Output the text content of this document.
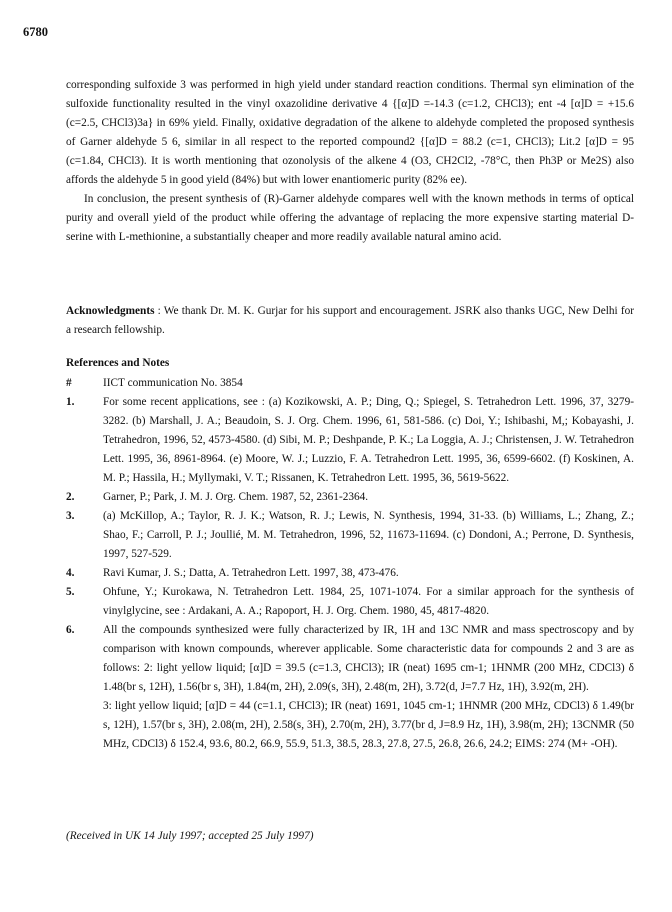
6780

corresponding sulfoxide 3 was performed in high yield under standard reaction conditions. Thermal syn elimination of the sulfoxide functionality resulted in the vinyl oxazolidine derivative 4 {[α]D =-14.3 (c=1.2, CHCl3); ent -4 [α]D = +15.6 (c=2.5, CHCl3)3a} in 69% yield. Finally, oxidative degradation of the alkene to aldehyde completed the proposed synthesis of Garner aldehyde 5 6, similar in all respect to the reported compound2 {[α]D = 88.2 (c=1, CHCl3); Lit.2 [α]D = 95 (c=1.84, CHCl3). It is worth mentioning that ozonolysis of the alkene 4 (O3, CH2Cl2, -78°C, then Ph3P or Me2S) also affords the aldehyde 5 in good yield (84%) but with lower enantiomeric purity (82% ee).

In conclusion, the present synthesis of (R)-Garner aldehyde compares well with the known methods in terms of optical purity and overall yield of the product while offering the advantage of replacing the more expensive starting material D-serine with L-methionine, a substantially cheaper and more readily available natural amino acid.

Acknowledgments : We thank Dr. M. K. Gurjar for his support and encouragement. JSRK also thanks UGC, New Delhi for a research fellowship.
References and Notes
#	IICT communication No. 3854
1.	For some recent applications, see : (a) Kozikowski, A. P.; Ding, Q.; Spiegel, S. Tetrahedron Lett. 1996, 37, 3279-3282. (b) Marshall, J. A.; Beaudoin, S. J. Org. Chem. 1996, 61, 581-586. (c) Doi, Y.; Ishibashi, M,; Kobayashi, J. Tetrahedron, 1996, 52, 4573-4580. (d) Sibi, M. P.; Deshpande, P. K.; La Loggia, A. J.; Christensen, J. W. Tetrahedron Lett. 1995, 36, 8961-8964. (e) Moore, W. J.; Luzzio, F. A. Tetrahedron Lett. 1995, 36, 6599-6602. (f) Koskinen, A. M. P.; Hassila, H.; Myllymaki, V. T.; Rissanen, K. Tetrahedron Lett. 1995, 36, 5619-5622.
2.	Garner, P.; Park, J. M. J. Org. Chem. 1987, 52, 2361-2364.
3.	(a) McKillop, A.; Taylor, R. J. K.; Watson, R. J.; Lewis, N. Synthesis, 1994, 31-33. (b) Williams, L.; Zhang, Z.; Shao, F.; Carroll, P. J.; Joullié, M. M. Tetrahedron, 1996, 52, 11673-11694. (c) Dondoni, A.; Perrone, D. Synthesis, 1997, 527-529.
4.	Ravi Kumar, J. S.; Datta, A. Tetrahedron Lett. 1997, 38, 473-476.
5.	Ohfune, Y.; Kurokawa, N. Tetrahedron Lett. 1984, 25, 1071-1074. For a similar approach for the synthesis of vinylglycine, see : Ardakani, A. A.; Rapoport, H. J. Org. Chem. 1980, 45, 4817-4820.
6.	All the compounds synthesized were fully characterized by IR, 1H and 13C NMR and mass spectroscopy and by comparison with known compounds, wherever applicable. Some characteristic data for compounds 2 and 3 are as follows: 2: light yellow liquid; [α]D = 39.5 (c=1.3, CHCl3); IR (neat) 1695 cm-1; 1HNMR (200 MHz, CDCl3) δ 1.48(br s, 12H), 1.56(br s, 3H), 1.84(m, 2H), 2.09(s, 3H), 2.48(m, 2H), 3.72(d, J=7.7 Hz, 1H), 3.92(m, 2H).
3: light yellow liquid; [α]D = 44 (c=1.1, CHCl3); IR (neat) 1691, 1045 cm-1; 1HNMR (200 MHz, CDCl3) δ 1.49(br s, 12H), 1.57(br s, 3H), 2.08(m, 2H), 2.58(s, 3H), 2.70(m, 2H), 3.77(br d, J=8.9 Hz, 1H), 3.98(m, 2H); 13CNMR (50 MHz, CDCl3) δ 152.4, 93.6, 80.2, 66.9, 55.9, 51.3, 38.5, 28.3, 27.8, 27.5, 26.8, 26.6, 24.2; EIMS: 274 (M+ -OH).
(Received in UK 14 July 1997; accepted 25 July 1997)
